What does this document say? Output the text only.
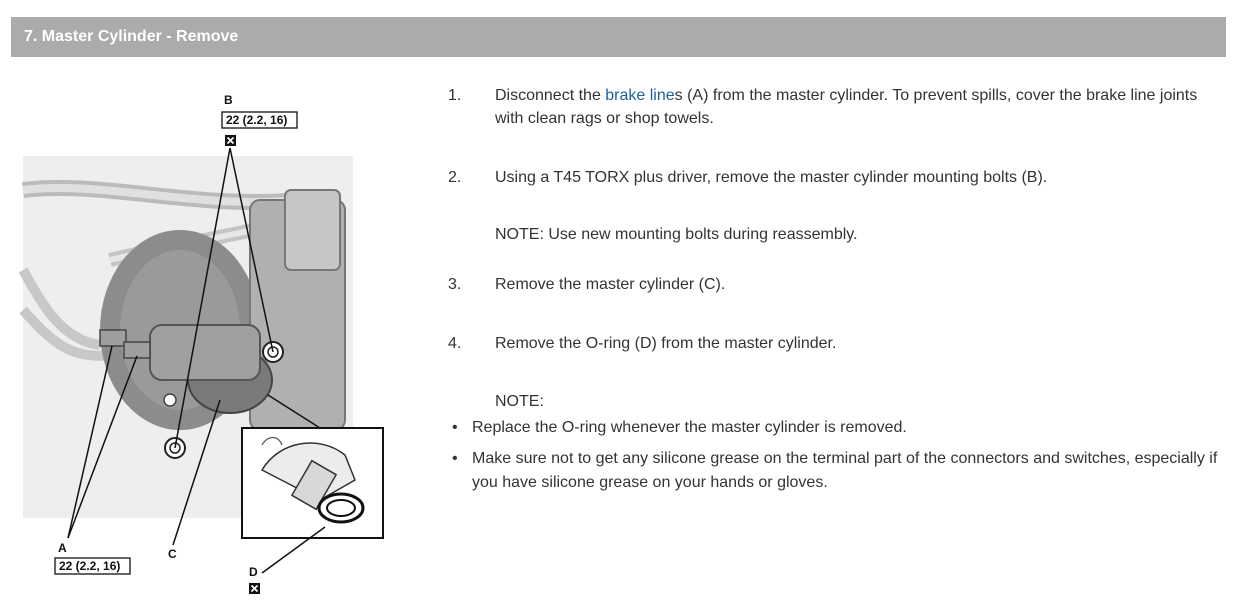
7. Master Cylinder - Remove
B
22 (2.2, 16)
A
22 (2.2, 16)
C
D
1.	Disconnect the brake lines (A) from the master cylinder. To prevent spills, cover the brake line joints with clean rags or shop towels.
2.	Using a T45 TORX plus driver, remove the master cylinder mounting bolts (B).
NOTE: Use new mounting bolts during reassembly.
3.	Remove the master cylinder (C).
4.	Remove the O-ring (D) from the master cylinder.
NOTE:
• Replace the O-ring whenever the master cylinder is removed.
• Make sure not to get any silicone grease on the terminal part of the connectors and switches, especially if you have silicone grease on your hands or gloves.
